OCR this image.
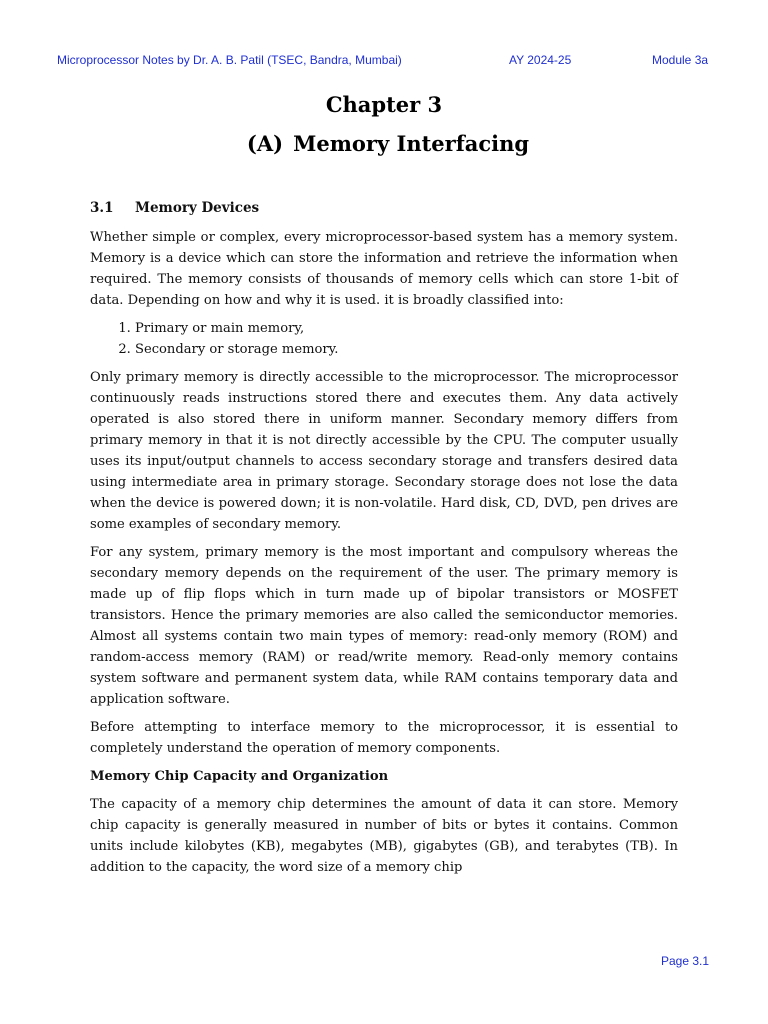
Microprocessor Notes by Dr. A. B. Patil (TSEC, Bandra, Mumbai)	AY 2024-25	Module 3a
Chapter 3
(A) Memory Interfacing
3.1 Memory Devices

Whether simple or complex, every microprocessor-based system has a memory system. Memory is a device which can store the information and retrieve the information when required. The memory consists of thousands of memory cells which can store 1-bit of data. Depending on how and why it is used. it is broadly classified into:

1. Primary or main memory,
2. Secondary or storage memory.

Only primary memory is directly accessible to the microprocessor. The microprocessor continuously reads instructions stored there and executes them. Any data actively operated is also stored there in uniform manner. Secondary memory differs from primary memory in that it is not directly accessible by the CPU. The computer usually uses its input/output channels to access secondary storage and transfers desired data using intermediate area in primary storage. Secondary storage does not lose the data when the device is powered down; it is non-volatile. Hard disk, CD, DVD, pen drives are some examples of secondary memory.

For any system, primary memory is the most important and compulsory whereas the secondary memory depends on the requirement of the user. The primary memory is made up of flip flops which in turn made up of bipolar transistors or MOSFET transistors. Hence the primary memories are also called the semiconductor memories. Almost all systems contain two main types of memory: read-only memory (ROM) and random-access memory (RAM) or read/write memory. Read-only memory contains system software and permanent system data, while RAM contains temporary data and application software.

Before attempting to interface memory to the microprocessor, it is essential to completely understand the operation of memory components.

Memory Chip Capacity and Organization

The capacity of a memory chip determines the amount of data it can store. Memory chip capacity is generally measured in number of bits or bytes it contains. Common units include kilobytes (KB), megabytes (MB), gigabytes (GB), and terabytes (TB). In addition to the capacity, the word size of a memory chip

Page 3.1
